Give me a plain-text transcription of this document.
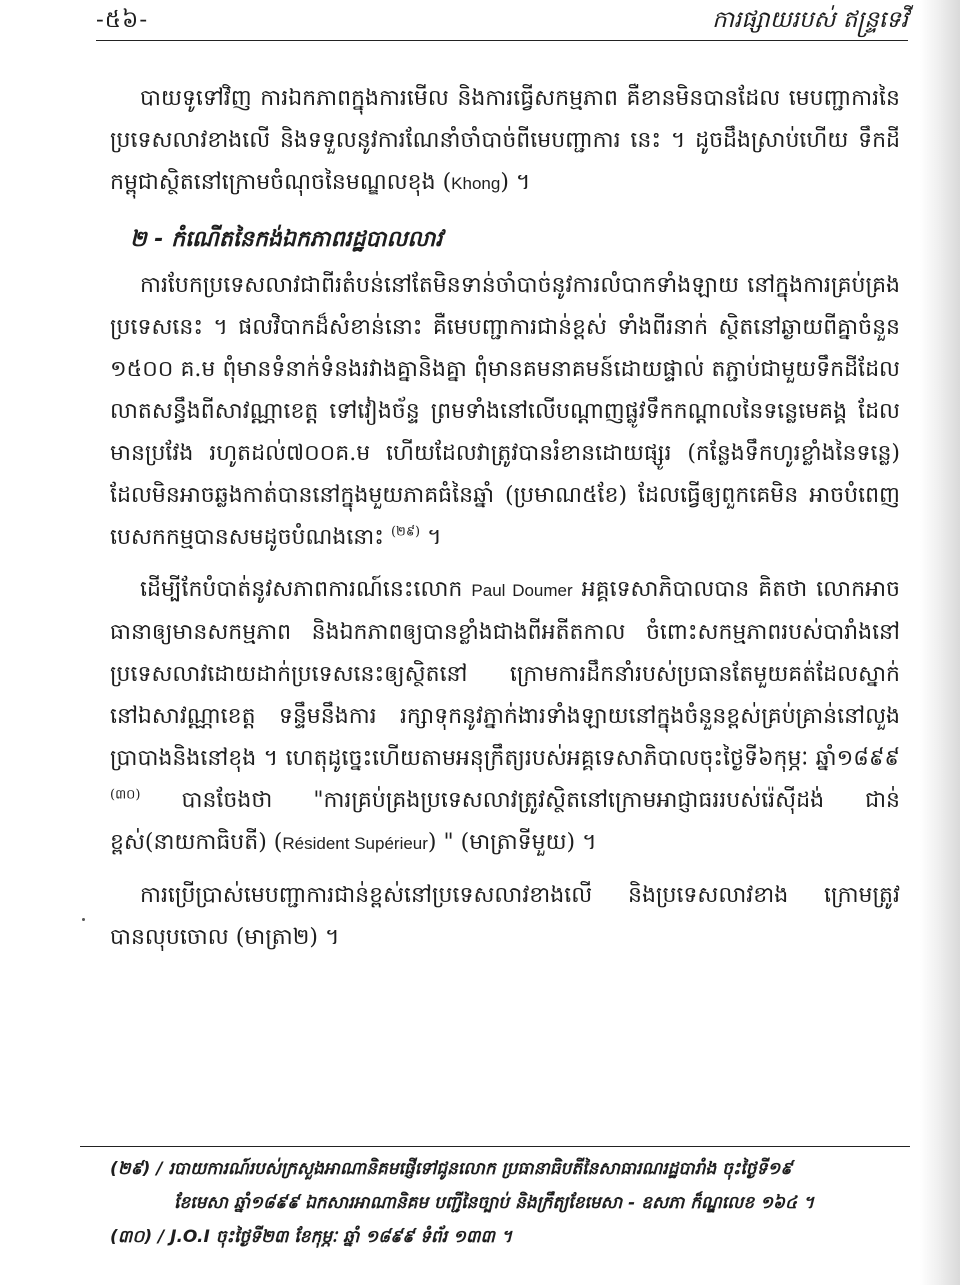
-៥៦-	ការផ្សាយរបស់ ឥន្ទ្រទេវី

បាយទូទៅវិញ ការឯកភាពក្នុងការមើល និងការធ្វើសកម្មភាព គឺខានមិនបានដែល មេបញ្ជាការនៃប្រទេសលាវខាងលើ និងទទួលនូវការណែនាំចាំបាច់ពីមេបញ្ជាការ នេះ ។ ដូចដឹងស្រាប់ហើយ ទឹកដីកម្ពុជាស្ថិតនៅក្រោមចំណុចនៃមណ្ឌលខុង (Khong) ។

២ - កំណើតនៃកង់ឯកភាពរដ្ឋបាលលាវ

ការបែកប្រទេសលាវជាពីរតំបន់នៅតែមិនទាន់ចាំបាច់នូវការលំបាកទាំងឡាយ នៅក្នុងការគ្រប់គ្រងប្រទេសនេះ ។ ផលវិបាកដ៏សំខាន់នោះ គឺមេបញ្ជាការជាន់ខ្ពស់ ទាំងពីរនាក់ ស្ថិតនៅឆ្ងាយពីគ្នាចំនួន ១៥០០ គ.ម ពុំមានទំនាក់ទំនងរវាងគ្នានិងគ្នា ពុំមានគមនាគមន៍ដោយផ្ទាល់ តភ្ជាប់ជាមួយទឹកដីដែលលាតសន្ធឹងពីសាវណ្ណាខេត្ត ទៅវៀងច័ន្ទ ព្រមទាំងនៅលើបណ្តាញផ្លូវទឹកកណ្តាលនៃទន្លេមេគង្គ ដែលមានប្រវែង រហូតដល់៧០០គ.ម ហើយដែលវាត្រូវបានរំខានដោយផ្សូរ (កន្លែងទឹកហូរខ្លាំងនៃទន្លេ) ដែលមិនអាចឆ្លងកាត់បាននៅក្នុងមួយភាគធំនៃឆ្នាំ (ប្រមាណ៥ខែ) ដែលធ្វើឲ្យពួកគេមិន អាចបំពេញ បេសកកម្មបានសមដូចបំណងនោះ $^{(២៩)}$ ។

ដើម្បីកែបំបាត់នូវសភាពការណ៍នេះលោក Paul Doumer អគ្គទេសាភិបាលបាន គិតថា លោកអាចធានាឲ្យមានសកម្មភាព និងឯកភាពឲ្យបានខ្លាំងជាងពីអតីតកាល ចំពោះសកម្មភាពរបស់បារាំងនៅប្រទេសលាវដោយដាក់ប្រទេសនេះឲ្យស្ថិតនៅ ក្រោមការដឹកនាំរបស់ប្រធានតែមួយគត់ដែលស្នាក់នៅឯសាវណ្ណាខេត្ត ទន្ទឹមនឹងការ រក្សាទុកនូវភ្នាក់ងារទាំងឡាយនៅក្នុងចំនួនខ្ពស់គ្រប់គ្រាន់នៅលួងប្រាបាងនិងនៅខុង ។ ហេតុដូច្នេះហើយតាមអនុក្រឹត្យរបស់អគ្គទេសាភិបាលចុះថ្ងៃទី៦កុម្ភៈ ឆ្នាំ១៨៩៩ $^{(៣០)}$ បានចែងថា "ការគ្រប់គ្រងប្រទេសលាវត្រូវស្ថិតនៅក្រោមអាជ្ញាធររបស់រ៉េស៊ីដង់ ជាន់ខ្ពស់(នាយកាធិបតី) (Résident Supérieur) " (មាត្រាទីមួយ) ។

ការប្រើប្រាស់មេបញ្ជាការជាន់ខ្ពស់នៅប្រទេសលាវខាងលើ និងប្រទេសលាវខាង ក្រោមត្រូវបានលុបចោល (មាត្រា២) ។

(២៩) / របាយការណ៍របស់ក្រសួងអាណានិគមផ្ញើទៅជូនលោក ប្រធានាធិបតីនៃសាធារណរដ្ឋបារាំង ចុះថ្ងៃទី១៩

ខែមេសា ឆ្នាំ១៨៩៩ ឯកសារអាណានិគម បញ្ជីនៃច្បាប់ និងក្រឹត្យខែមេសា - ឧសភា ក៏ណ្ឌលេខ ១៦៤ ។

(៣០) / J.O.I ចុះថ្ងៃទី២៣ ខែកុម្ភៈ ឆ្នាំ ១៨៩៩ ទំព័រ ១៣៣ ។
